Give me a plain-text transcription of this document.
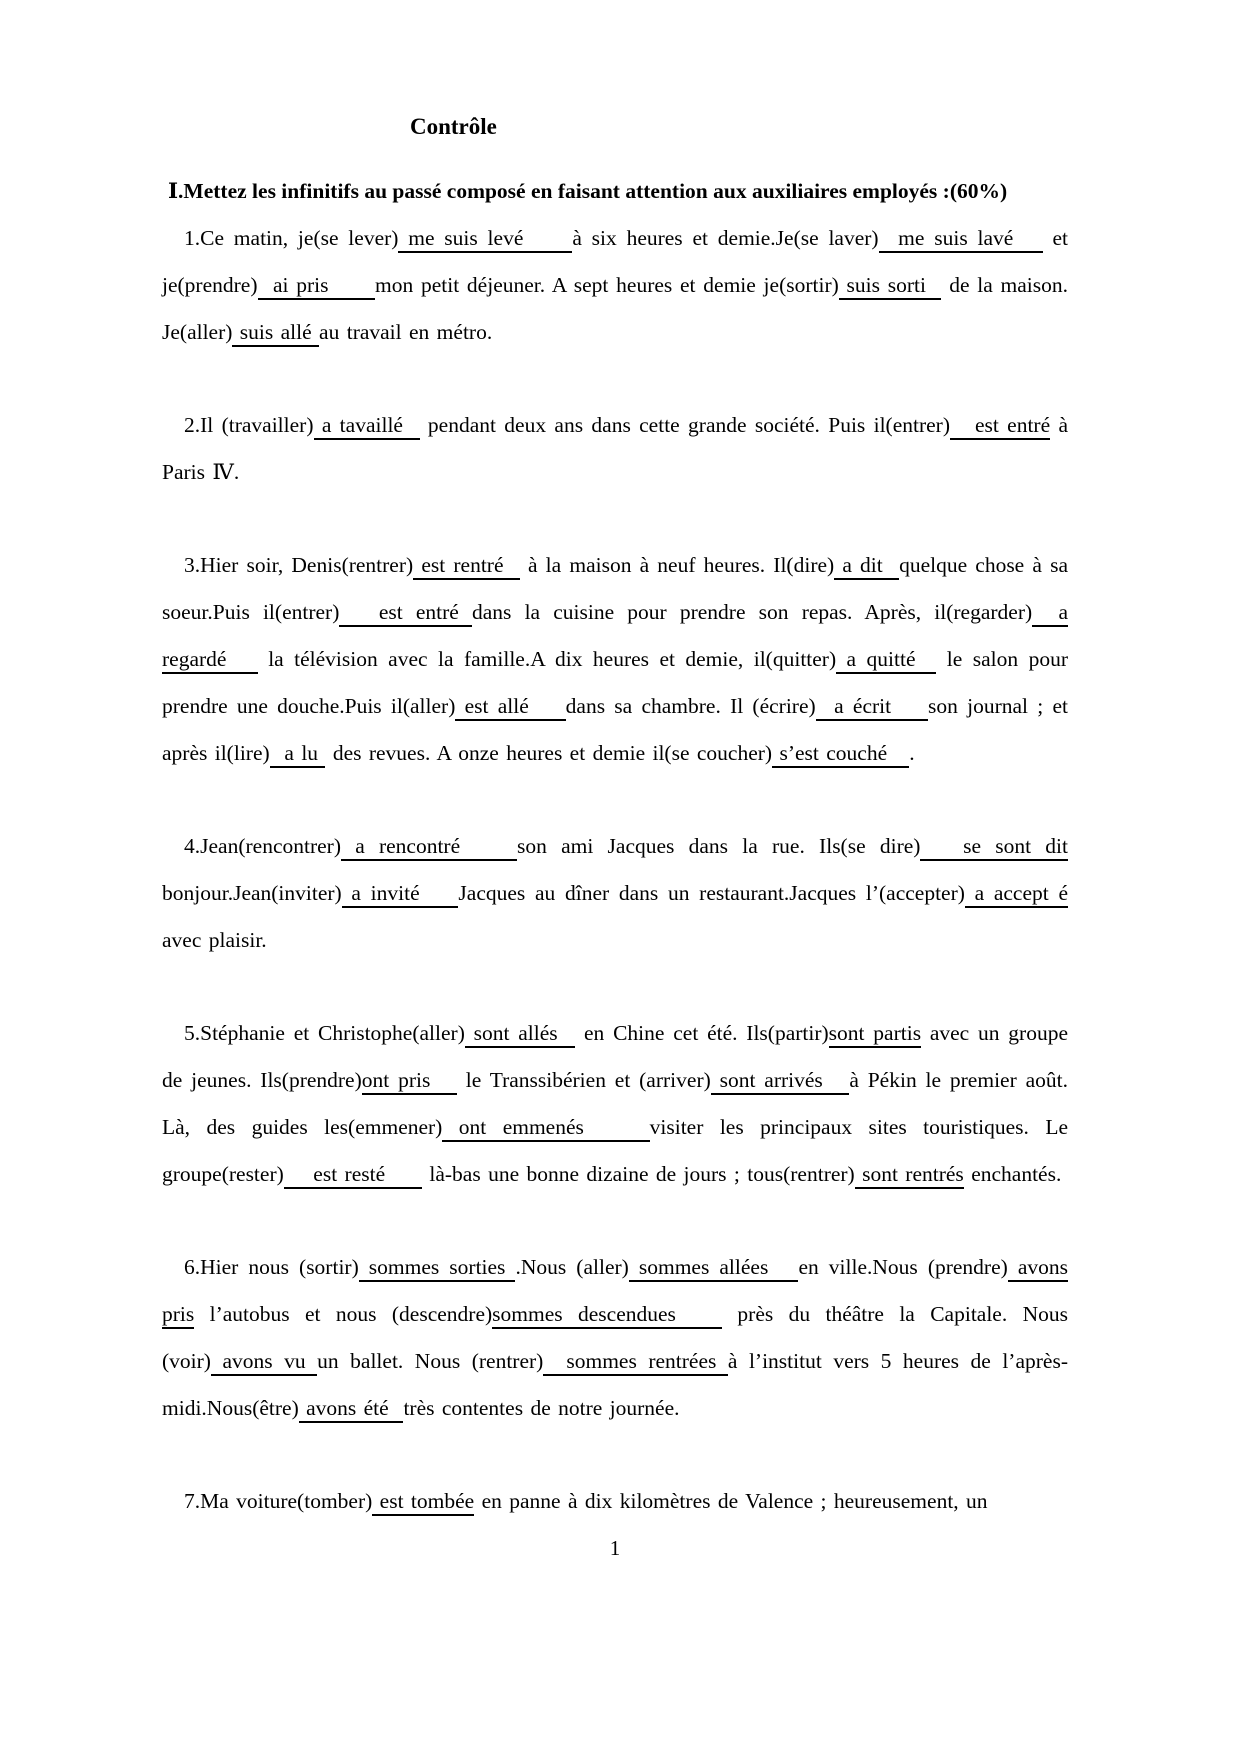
Contrôle

Ⅰ.Mettez les infinitifs au passé composé en faisant attention aux auxiliaires employés :(60%)

1.Ce matin, je(se lever) me suis levé     à six heures et demie.Je(se laver)  me suis lavé    et je(prendre)  ai pris      mon petit déjeuner. A sept heures et demie je(sortir) suis sorti   de la maison. Je(aller) suis allé au travail en métro.

2.Il (travailler) a tavaillé   pendant deux ans dans cette grande société. Puis il(entrer)   est entré à Paris Ⅳ.

3.Hier soir, Denis(rentrer) est rentré   à la maison à neuf heures. Il(dire) a dit  quelque chose à sa soeur.Puis il(entrer)   est entré dans la cuisine pour prendre son repas. Après, il(regarder)  a regardé    la télévision avec la famille.A dix heures et demie, il(quitter) a quitté   le salon pour prendre une douche.Puis il(aller) est allé    dans sa chambre. Il (écrire)  a écrit    son journal ; et après il(lire)  a lu  des revues. A onze heures et demie il(se coucher) s’est couché   .

4.Jean(rencontrer) a rencontré    son ami Jacques dans la rue. Ils(se dire)   se sont dit bonjour.Jean(inviter) a invité    Jacques au dîner dans un restaurant.Jacques l’(accepter) a accept é avec plaisir.

5.Stéphanie et Christophe(aller) sont allés   en Chine cet été. Ils(partir)sont partis avec un groupe de jeunes. Ils(prendre)ont pris    le Transsibérien et (arriver) sont arrivés   à Pékin le premier août. Là, des guides les(emmener) ont emmenés    visiter les principaux sites touristiques. Le groupe(rester)    est resté      là-bas une bonne dizaine de jours ; tous(rentrer) sont rentrés enchantés.

6.Hier nous (sortir) sommes sorties .Nous (aller) sommes allées   en ville.Nous (prendre) avons pris l’autobus et nous (descendre)sommes descendues    près du théâtre la Capitale. Nous (voir) avons vu un ballet. Nous (rentrer)  sommes rentrées à l’institut vers 5 heures de l’après-midi.Nous(être) avons été  très contentes de notre journée.

7.Ma voiture(tomber) est tombée en panne à dix kilomètres de Valence ; heureusement, un

1
